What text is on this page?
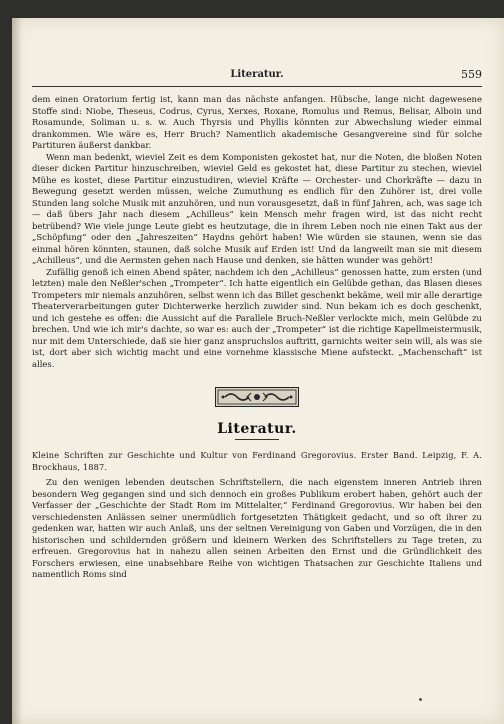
Literatur.	559

dem einen Oratorium fertig ist, kann man das nächste anfangen. Hübsche, lange nicht dagewesene Stoffe sind: Niobe, Theseus, Codrus, Cyrus, Xerxes, Roxane, Romulus und Remus, Belisar, Alboin und Rosamunde, Soliman u. s. w. Auch Thyrsis und Phyllis könnten zur Abwechslung wieder einmal drankommen. Wie wäre es, Herr Bruch? Namentlich akademische Gesangvereine sind für solche Partituren äußerst dankbar.

Wenn man bedenkt, wieviel Zeit es dem Komponisten gekostet hat, nur die Noten, die bloßen Noten dieser dicken Partitur hinzuschreiben, wieviel Geld es gekostet hat, diese Partitur zu stechen, wieviel Mühe es kostet, diese Partitur einzustudiren, wieviel Kräfte — Orchester- und Chorkräfte — dazu in Bewegung gesetzt werden müssen, welche Zumuthung es endlich für den Zuhörer ist, drei volle Stunden lang solche Musik mit anzuhören, und nun vorausgesetzt, daß in fünf Jahren, ach, was sage ich — daß übers Jahr nach diesem „Achilleus“ kein Mensch mehr fragen wird, ist das nicht recht betrübend? Wie viele junge Leute giebt es heutzutage, die in ihrem Leben noch nie einen Takt aus der „Schöpfung“ oder den „Jahreszeiten“ Haydns gehört haben! Wie würden sie staunen, wenn sie das einmal hören könnten, staunen, daß solche Musik auf Erden ist! Und da langweilt man sie mit diesem „Achilleus“, und die Aermsten gehen nach Hause und denken, sie hätten wunder was gehört!

Zufällig genoß ich einen Abend später, nachdem ich den „Achilleus“ genossen hatte, zum ersten (und letzten) male den Neßler'schen „Trompeter“. Ich hatte eigentlich ein Gelübde gethan, das Blasen dieses Trompeters mir niemals anzuhören, selbst wenn ich das Billet geschenkt bekäme, weil mir alle derartige Theaterverarbeitungen guter Dichterwerke herzlich zuwider sind. Nun bekam ich es doch geschenkt, und ich gestehe es offen: die Aussicht auf die Parallele Bruch-Neßler verlockte mich, mein Gelübde zu brechen. Und wie ich mir's dachte, so war es: auch der „Trompeter“ ist die richtige Kapellmeistermusik, nur mit dem Unterschiede, daß sie hier ganz anspruchslos auftritt, garnichts weiter sein will, als was sie ist, dort aber sich wichtig macht und eine vornehme klassische Miene aufsteckt. „Machenschaft“ ist alles.

Literatur.

Kleine Schriften zur Geschichte und Kultur von Ferdinand Gregorovius. Erster Band. Leipzig, F. A. Brockhaus, 1887.

Zu den wenigen lebenden deutschen Schriftstellern, die nach eigenstem inneren Antrieb ihren besondern Weg gegangen sind und sich dennoch ein großes Publikum erobert haben, gehört auch der Verfasser der „Geschichte der Stadt Rom im Mittelalter,“ Ferdinand Gregorovius. Wir haben bei den verschiedensten Anlässen seiner unermüdlich fortgesetzten Thätigkeit gedacht, und so oft ihrer zu gedenken war, hatten wir auch Anlaß, uns der seltnen Vereinigung von Gaben und Vorzügen, die in den historischen und schildernden größern und kleinern Werken des Schriftstellers zu Tage treten, zu erfreuen. Gregorovius hat in nahezu allen seinen Arbeiten den Ernst und die Gründlichkeit des Forschers erwiesen, eine unabsehbare Reihe von wichtigen Thatsachen zur Geschichte Italiens und namentlich Roms sind
